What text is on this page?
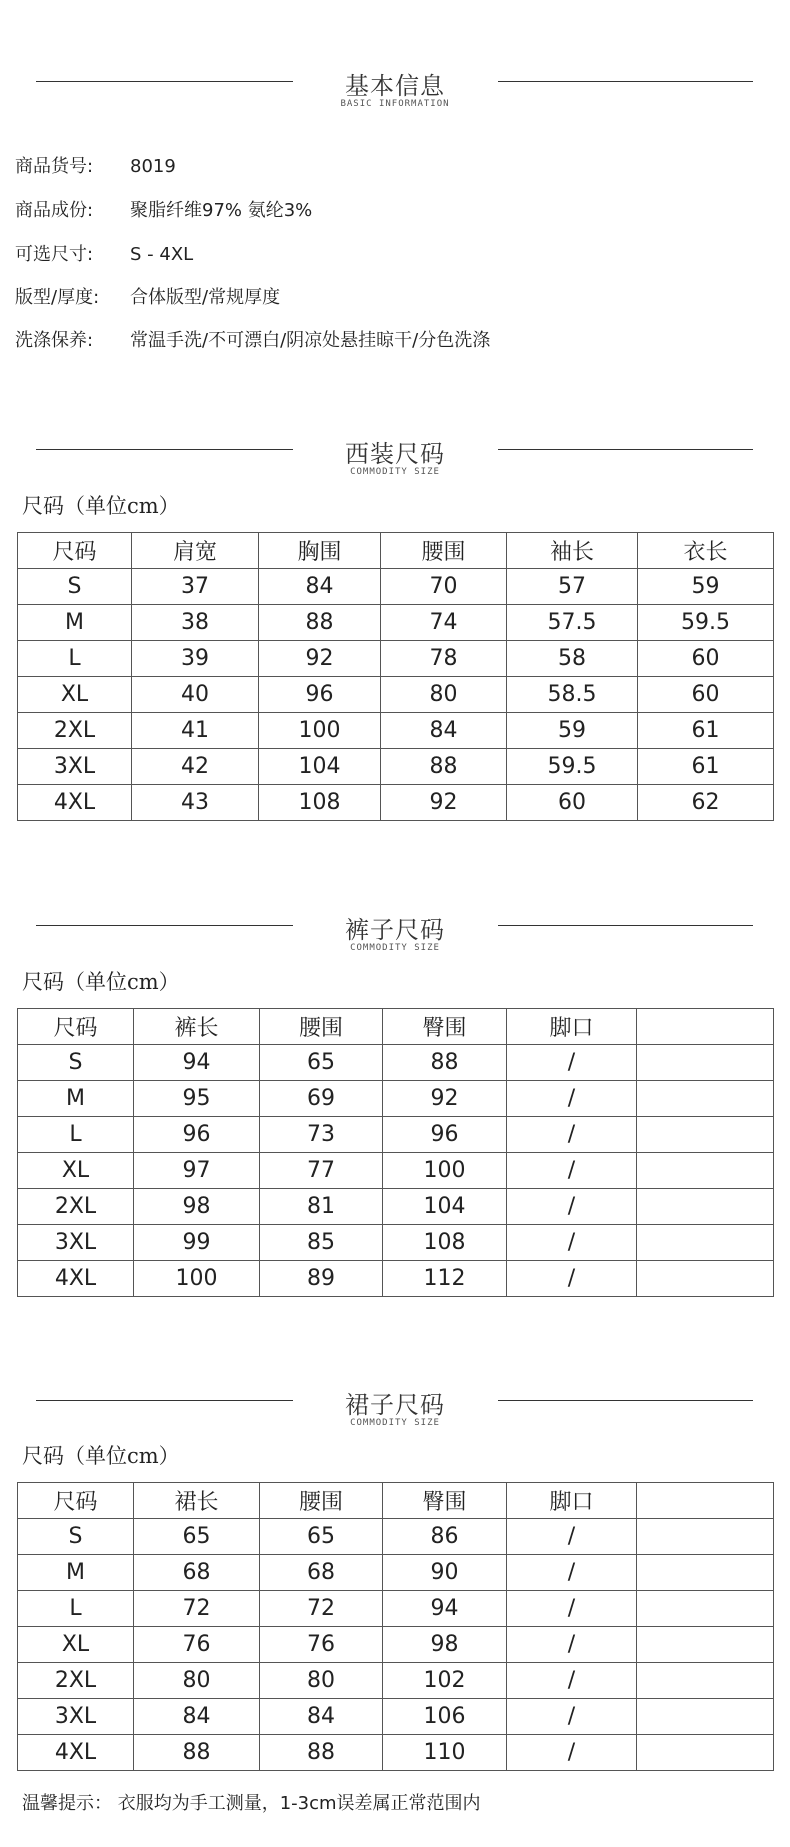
基本信息
BASIC INFORMATION
商品货号: 8019
商品成份: 聚脂纤维97% 氨纶3%
可选尺寸: S - 4XL
版型/厚度: 合体版型/常规厚度
洗涤保养: 常温手洗/不可漂白/阴凉处悬挂晾干/分色洗涤
西装尺码
COMMODITY SIZE
尺码（单位cm）
尺码	肩宽	胸围	腰围	袖长	衣长
S	37	84	70	57	59
M	38	88	74	57.5	59.5
L	39	92	78	58	60
XL	40	96	80	58.5	60
2XL	41	100	84	59	61
3XL	42	104	88	59.5	61
4XL	43	108	92	60	62
裤子尺码
COMMODITY SIZE
尺码（单位cm）
尺码	裤长	腰围	臀围	脚口	
S	94	65	88	/	
M	95	69	92	/	
L	96	73	96	/	
XL	97	77	100	/	
2XL	98	81	104	/	
3XL	99	85	108	/	
4XL	100	89	112	/	
裙子尺码
COMMODITY SIZE
尺码（单位cm）
尺码	裙长	腰围	臀围	脚口	
S	65	65	86	/	
M	68	68	90	/	
L	72	72	94	/	
XL	76	76	98	/	
2XL	80	80	102	/	
3XL	84	84	106	/	
4XL	88	88	110	/	
温馨提示： 衣服均为手工测量，1-3cm误差属正常范围内
